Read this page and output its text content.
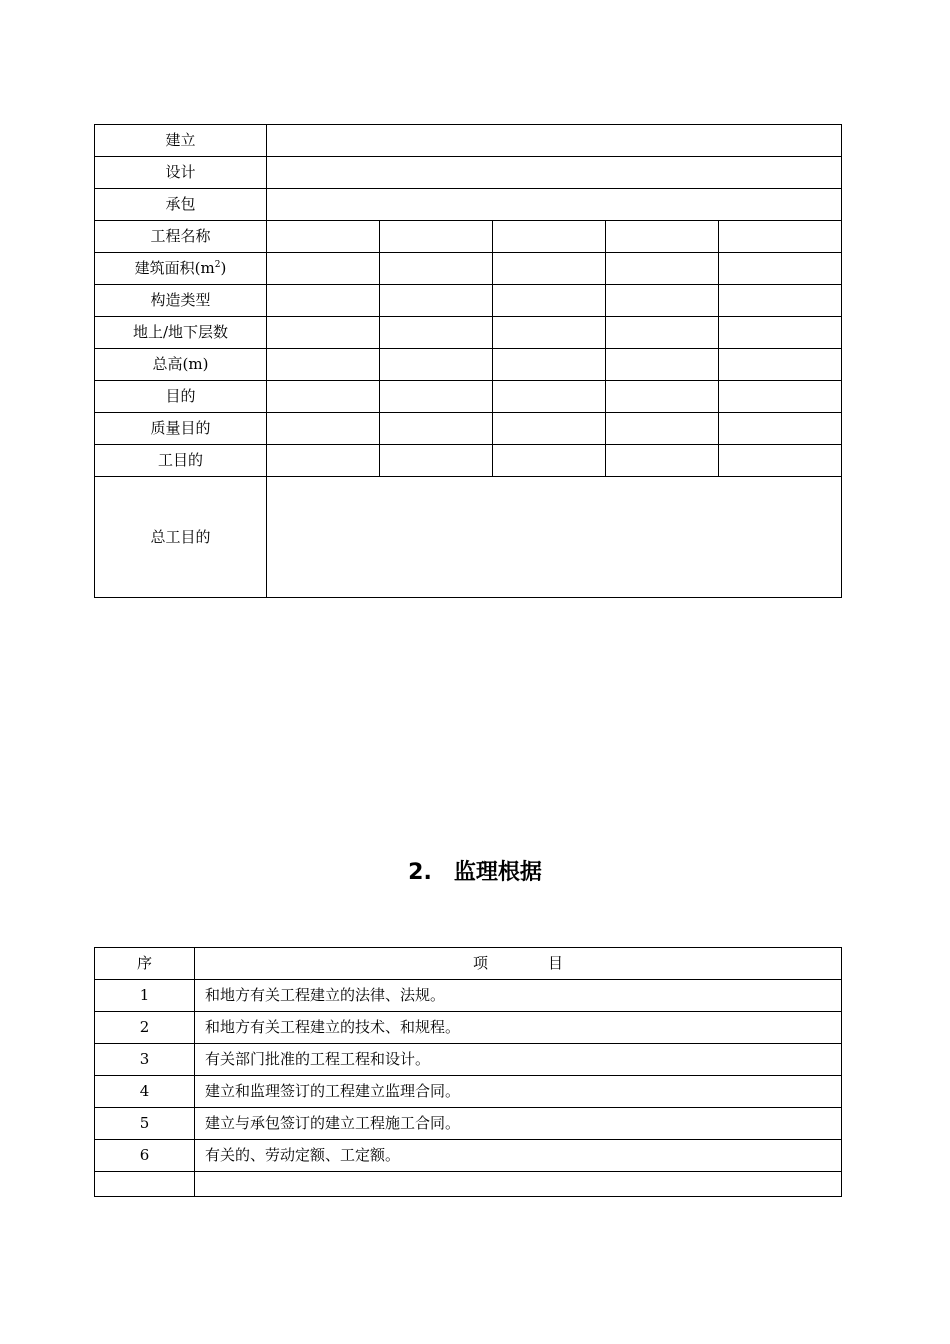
建立					
设计					
承包					
工程名称					
建筑面积$(m^2)$					
构造类型					
地上/地下层数					
总高(m)					
目的					
质量目的					
工目的					
总工目的					
2. 监理根据
序	项 目
1	和地方有关工程建立的法律、法规。
2	和地方有关工程建立的技术、和规程。
3	有关部门批准的工程工程和设计。
4	建立和监理签订的工程建立监理合同。
5	建立与承包签订的建立工程施工合同。
6	有关的、劳动定额、工定额。
